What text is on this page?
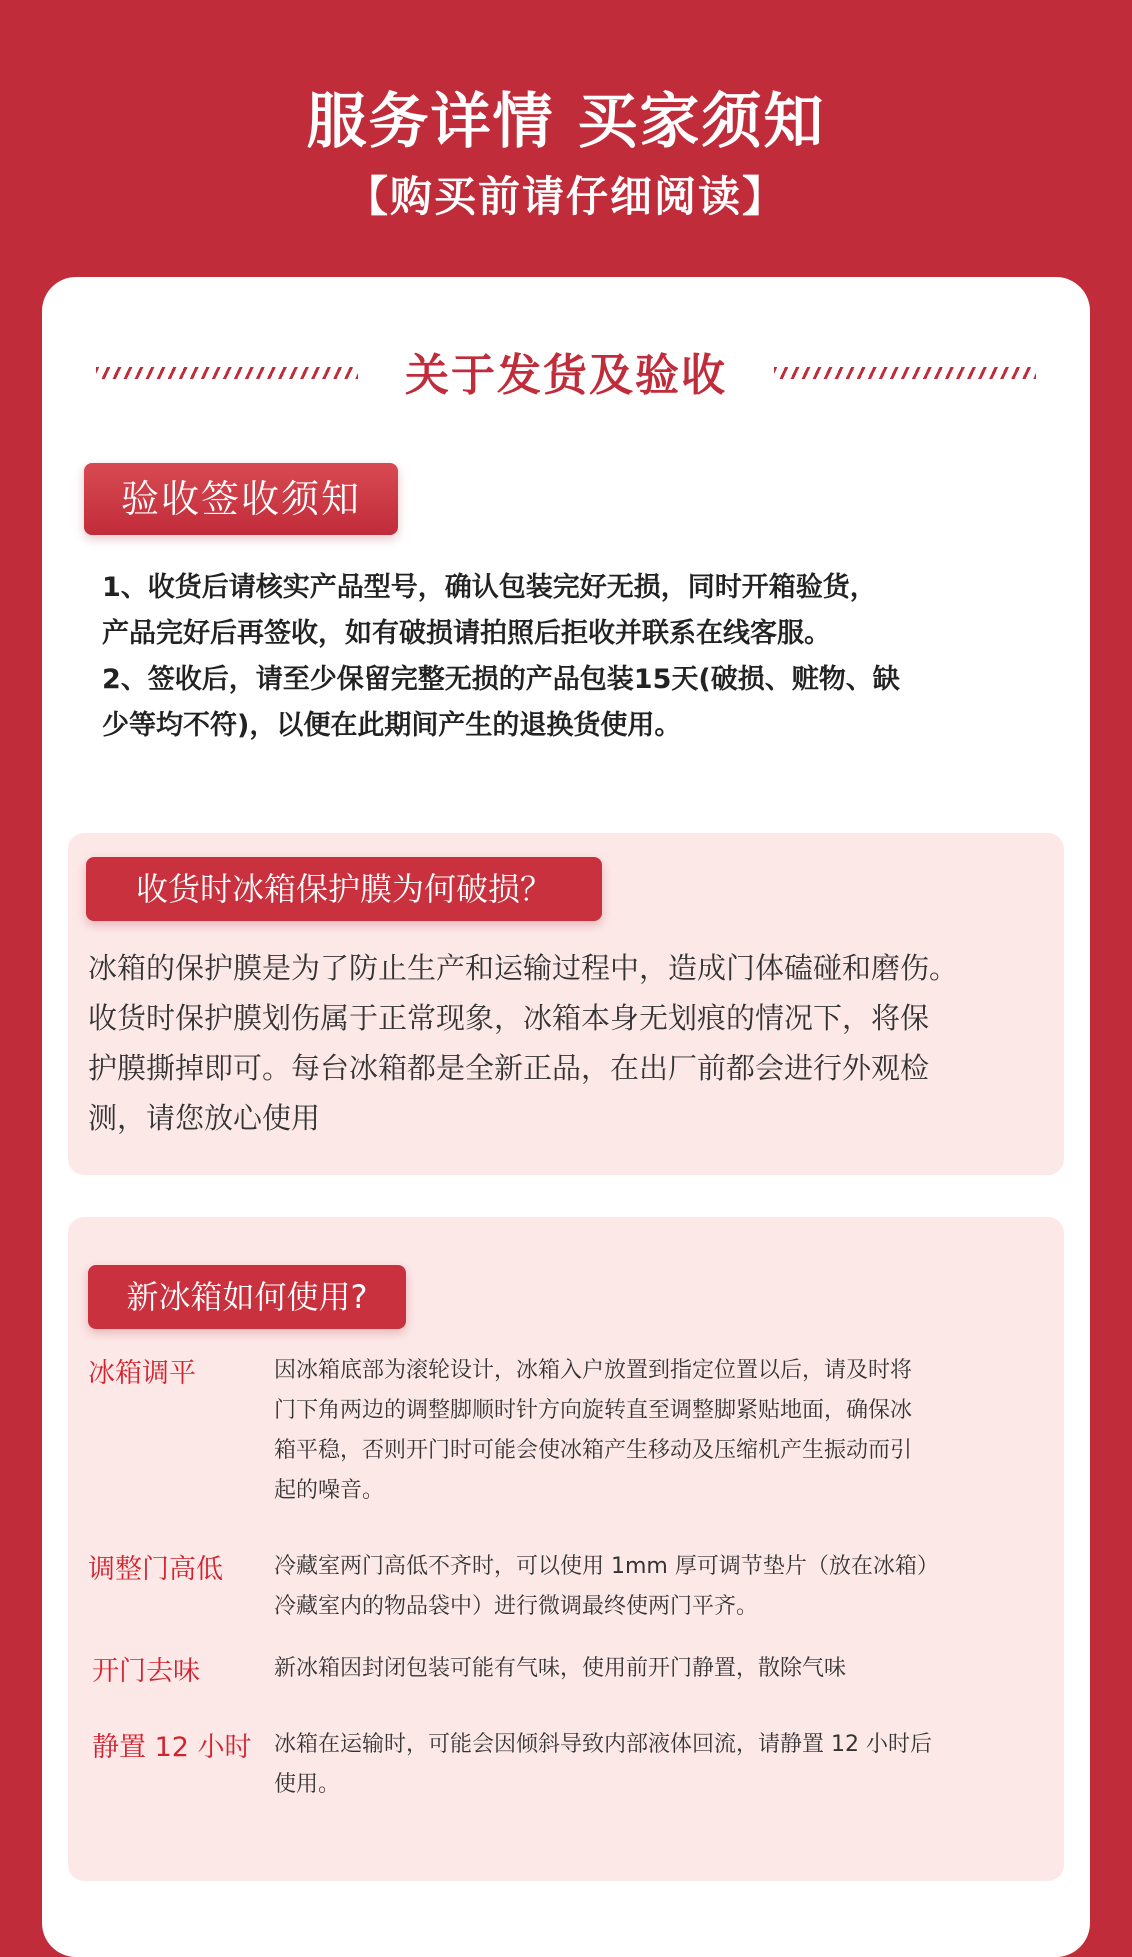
服务详情 买家须知
【购买前请仔细阅读】
关于发货及验收
验收签收须知
1、收货后请核实产品型号，确认包装完好无损，同时开箱验货，
产品完好后再签收，如有破损请拍照后拒收并联系在线客服。
2、签收后，请至少保留完整无损的产品包装15天(破损、赃物、缺
少等均不符)，以便在此期间产生的退换货使用。
收货时冰箱保护膜为何破损？
冰箱的保护膜是为了防止生产和运输过程中，造成门体磕碰和磨伤。
收货时保护膜划伤属于正常现象，冰箱本身无划痕的情况下，将保
护膜撕掉即可。每台冰箱都是全新正品，在出厂前都会进行外观检
测，请您放心使用
新冰箱如何使用?
冰箱调平	因冰箱底部为滚轮设计，冰箱入户放置到指定位置以后，请及时将
门下角两边的调整脚顺时针方向旋转直至调整脚紧贴地面，确保冰
箱平稳，否则开门时可能会使冰箱产生移动及压缩机产生振动而引
起的噪音。
调整门高低 冷藏室两门高低不齐时，可以使用 1mm 厚可调节垫片（放在冰箱）
冷藏室内的物品袋中）进行微调最终使两门平齐。
开门去味	新冰箱因封闭包装可能有气味，使用前开门静置，散除气味
静置 12 小时 冰箱在运输时，可能会因倾斜导致内部液体回流，请静置 12 小时后
使用。
